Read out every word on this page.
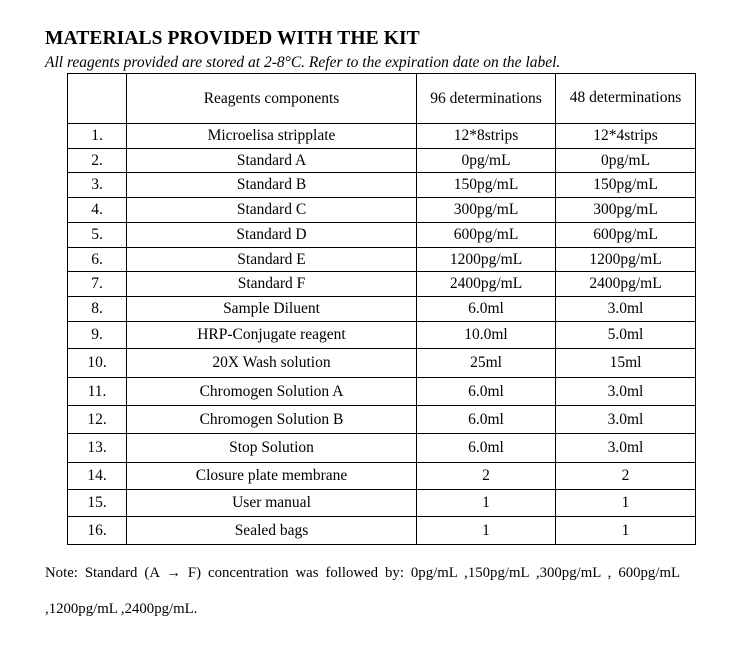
MATERIALS PROVIDED WITH THE KIT
All reagents provided are stored at 2-8°C. Refer to the expiration date on the label.
	Reagents components	96 determinations	48 determinations
1.	Microelisa stripplate	12*8strips	12*4strips
2.	Standard A	0pg/mL	0pg/mL
3.	Standard B	150pg/mL	150pg/mL
4.	Standard C	300pg/mL	300pg/mL
5.	Standard D	600pg/mL	600pg/mL
6.	Standard E	1200pg/mL	1200pg/mL
7.	Standard F	2400pg/mL	2400pg/mL
8.	Sample Diluent	6.0ml	3.0ml
9.	HRP-Conjugate reagent	10.0ml	5.0ml
10.	20X Wash solution	25ml	15ml
11.	Chromogen Solution A	6.0ml	3.0ml
12.	Chromogen Solution B	6.0ml	3.0ml
13.	Stop Solution	6.0ml	3.0ml
14.	Closure plate membrane	2	2
15.	User manual	1	1
16.	Sealed bags	1	1
Note: Standard (A → F) concentration was followed by: 0pg/mL ,150pg/mL ,300pg/mL , 600pg/mL ,1200pg/mL ,2400pg/mL.
